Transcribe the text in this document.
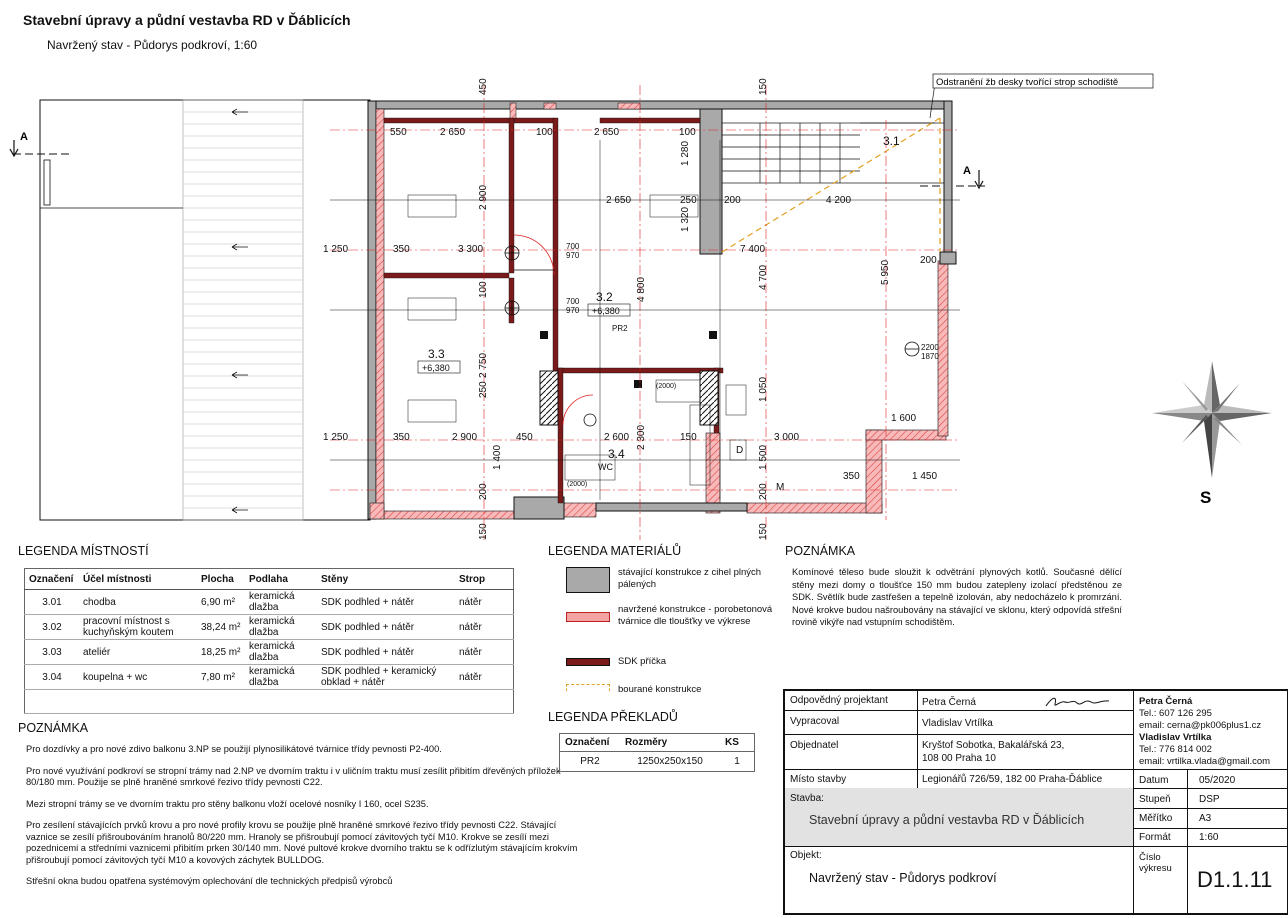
Stavební úpravy a půdní vestavba RD v Ďáblicích
Navržený stav - Půdorys podkroví, 1:60
A
A
550	2 650	100	2 650	100
2 650	250	200	4 200
7 400
200
1 250	350	3 300
1 250	350	2 900	450	2 600	150	3 000
700
970
700
970
1 600
1 450
350
2200
1870
(2000)
(2000)
D
M
3.1
3.2
+6,380
PR2
3.3
+6,380
3.4
WC
2 900
100
2 750
250
1 400
200
4 800	4 700	5 950
1 280
1 320
1 050
1 500
200
2 300
150	150
450	150	Odstranění žb desky tvořící strop schodiště
S
LEGENDA MÍSTNOSTÍ
Označení	Účel místnosti	Plocha	Podlaha	Stěny	Strop
3.01	chodba	6,90 m²	keramická dlažba	SDK podhled + nátěr	nátěr
3.02	pracovní místnost s kuchyňským koutem	38,24 m²	keramická dlažba	SDK podhled + nátěr	nátěr
3.03	ateliér	18,25 m²	keramická dlažba	SDK podhled + nátěr	nátěr
3.04	koupelna + wc	7,80 m²	keramická dlažba	SDK podhled + keramický obklad + nátěr	nátěr

POZNÁMKA

Pro dozdívky a pro nové zdivo balkonu 3.NP se použijí plynosilikátové tvárnice třídy pevnosti P2-400.

Pro nové využívání podkroví se stropní trámy nad 2.NP ve dvorním traktu i v uličním traktu musí zesílit přibitím dřevěných příložek 80/180 mm. Použije se plně hraněné smrkové řezivo třídy pevnosti C22.

Mezi stropní trámy se ve dvorním traktu pro stěny balkonu vloží ocelové nosníky I 160, ocel S235.

Pro zesílení stávajících prvků krovu a pro nové profily krovu se použije plně hraněné smrkové řezivo třídy pevnosti C22. Stávající vaznice se zesílí přišroubováním hranolů 80/220 mm. Hranoly se přišroubují pomocí závitových tyčí M10. Krokve se zesílí mezi pozednicemi a středními vaznicemi přibitím prken 30/140 mm. Nové pultové krokve dvorního traktu se k odřízlutým stávajícím krokvím přišroubují pomocí závitových tyčí M10 a kovových záchytek BULLDOG.

Střešní okna budou opatřena systémovým oplechování dle technických předpisů výrobců

LEGENDA MATERIÁLŮ
stávající konstrukce z cihel plných pálených
navržené konstrukce - porobetonová tvárnice dle tloušťky ve výkrese
SDK příčka
bourané konstrukce
LEGENDA PŘEKLADŮ
Označení	Rozměry	KS
PR2	1250x250x150	1
POZNÁMKA
Komínové těleso bude sloužit k odvětrání plynových kotlů. Současné dělící stěny mezi domy o tloušťce 150 mm budou zatepleny izolací předstěnou ze SDK. Světlík bude zastřešen a tepelně izolován, aby nedocházelo k promrzání. Nové krokve budou našroubovány na stávající ve sklonu, který odpovídá střešní rovině vikýře nad vstupním schodištěm.
Odpovědný projektant	Petra Černá
Vypracoval	Vladislav Vrtílka
Objednatel	Kryštof Sobotka, Bakalářská 23,
108 00 Praha 10
Místo stavby	Legionářů 726/59, 182 00 Praha-Ďáblice
Petra Černá
Tel.: 607 126 295
email: cerna@pk006plus1.cz
Vladislav Vrtílka
Tel.: 776 814 002
email: vrtilka.vlada@gmail.com
Datum	05/2020
Stupeň	DSP
Měřítko	A3
Formát	1:60
Číslo
výkresu D1.1.11
Stavba:
Stavební úpravy a půdní vestavba RD v Ďáblicích
Objekt:
Navržený stav - Půdorys podkroví
